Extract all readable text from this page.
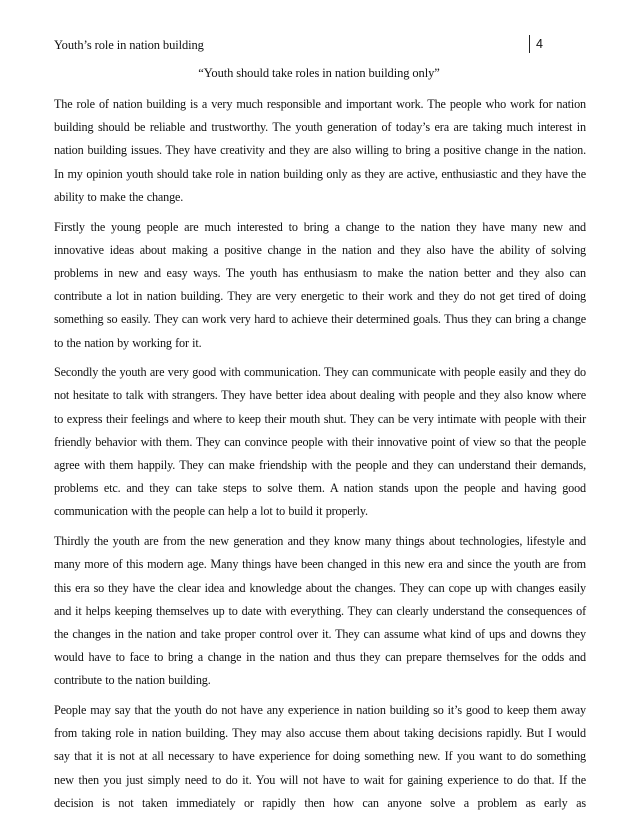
Youth’s role in nation building	4
“Youth should take roles in nation building only”

The role of nation building is a very much responsible and important work. The people who work for nation building should be reliable and trustworthy. The youth generation of today’s era are taking much interest in nation building issues. They have creativity and they are also willing to bring a positive change in the nation. In my opinion youth should take role in nation building only as they are active, enthusiastic and they have the ability to make the change.

Firstly the young people are much interested to bring a change to the nation they have many new and innovative ideas about making a positive change in the nation and they also have the ability of solving problems in new and easy ways. The youth has enthusiasm to make the nation better and they also can contribute a lot in nation building. They are very energetic to their work and they do not get tired of doing something so easily. They can work very hard to achieve their determined goals. Thus they can bring a change to the nation by working for it.

Secondly the youth are very good with communication. They can communicate with people easily and they do not hesitate to talk with strangers. They have better idea about dealing with people and they also know where to express their feelings and where to keep their mouth shut. They can be very intimate with people with their friendly behavior with them. They can convince people with their innovative point of view so that the people agree with them happily. They can make friendship with the people and they can understand their demands, problems etc. and they can take steps to solve them. A nation stands upon the people and having good communication with the people can help a lot to build it properly.

Thirdly the youth are from the new generation and they know many things about technologies, lifestyle and many more of this modern age. Many things have been changed in this new era and since the youth are from this era so they have the clear idea and knowledge about the changes. They can cope up with changes easily and it helps keeping themselves up to date with everything. They can clearly understand the consequences of the changes in the nation and take proper control over it. They can assume what kind of ups and downs they would have to face to bring a change in the nation and thus they can prepare themselves for the odds and contribute to the nation building.

People may say that the youth do not have any experience in nation building so it’s good to keep them away from taking role in nation building. They may also accuse them about taking decisions rapidly. But I would say that it is not at all necessary to have experience for doing something new. If you want to do something new then you just simply need to do it. You will not have to wait for gaining experience to do that. If the decision is not taken immediately or rapidly then how can anyone solve a problem as early as
